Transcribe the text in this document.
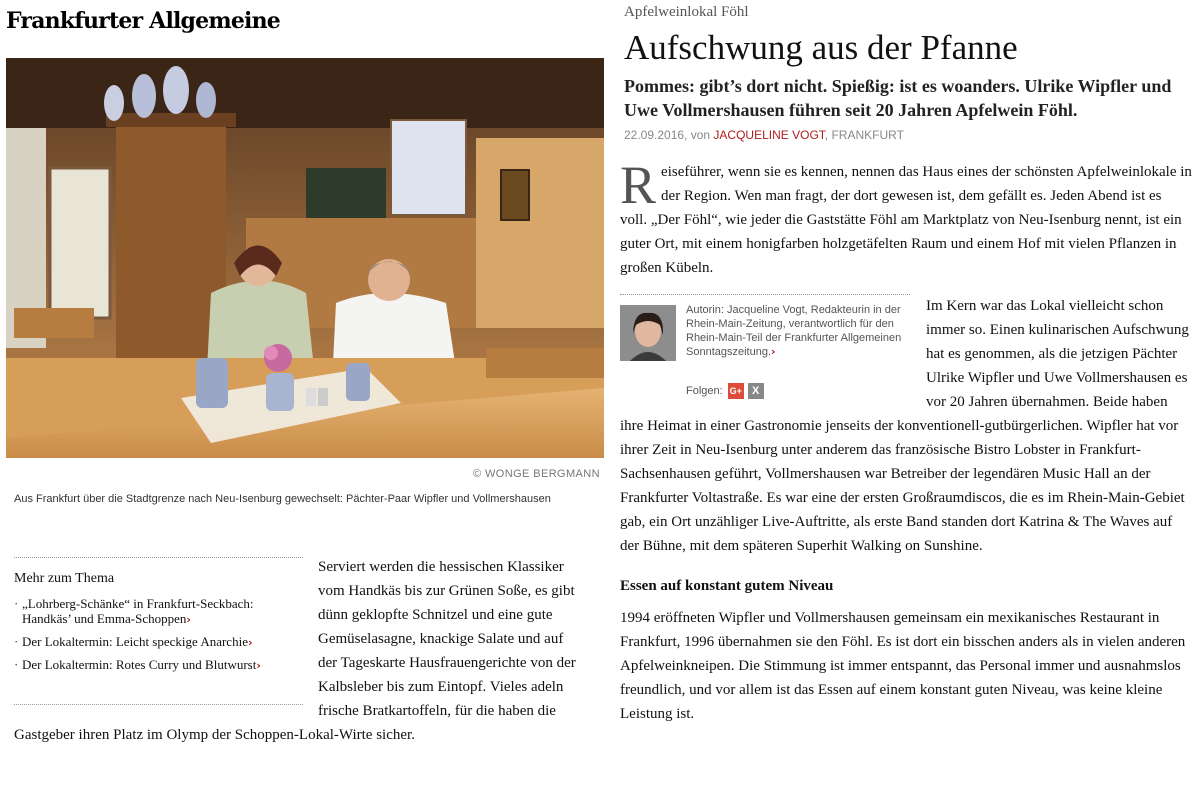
Frankfurter Allgemeine
© WONGE BERGMANN
Aus Frankfurt über die Stadtgrenze nach Neu-Isenburg gewechselt: Pächter-Paar Wipfler und Vollmershausen
Serviert werden die hessischen Klassiker vom Handkäs bis zur Grünen Soße, es gibt dünn geklopfte Schnitzel und eine gute Gemüselasagne, knackige Salate und auf der Tageskarte Hausfrauengerichte von der Kalbsleber bis zum Eintopf. Vieles adeln frische Bratkartoffeln, für die haben die Gastgeber ihren Platz im Olymp der Schoppen-Lokal-Wirte sicher.
Mehr zum Thema
· „Lohrberg-Schänke“ in Frankfurt-Seckbach: Handkäs’ und Emma-Schoppen›
· Der Lokaltermin: Leicht speckige Anarchie›
· Der Lokaltermin: Rotes Curry und Blutwurst›
Apfelweinlokal Föhl
Aufschwung aus der Pfanne
Pommes: gibt’s dort nicht. Spießig: ist es woanders. Ulrike Wipfler und Uwe Vollmershausen führen seit 20 Jahren Apfelwein Föhl.
22.09.2016, von JACQUELINE VOGT, FRANKFURT

Reiseführer, wenn sie es kennen, nennen das Haus eines der schönsten Apfelweinlokale in der Region. Wen man fragt, der dort gewesen ist, dem gefällt es. Jeden Abend ist es voll. „Der Föhl“, wie jeder die Gaststätte Föhl am Marktplatz von Neu-Isenburg nennt, ist ein guter Ort, mit einem honigfarben holzgetäfelten Raum und einem Hof mit vielen Pflanzen in großen Kübeln.

Autorin: Jacqueline Vogt, Redakteurin in der Rhein-Main-Zeitung, verantwortlich für den Rhein-Main-Teil der Frankfurter Allgemeinen Sonntagszeitung.›
Folgen: G+ X

Im Kern war das Lokal vielleicht schon immer so. Einen kulinarischen Aufschwung hat es genommen, als die jetzigen Pächter Ulrike Wipfler und Uwe Vollmershausen es vor 20 Jahren übernahmen. Beide haben ihre Heimat in einer Gastronomie jenseits der konventionell-gutbürgerlichen. Wipfler hat vor ihrer Zeit in Neu-Isenburg unter anderem das französische Bistro Lobster in Frankfurt-Sachsenhausen geführt, Vollmershausen war Betreiber der legendären Music Hall an der Frankfurter Voltastraße. Es war eine der ersten Großraumdiscos, die es im Rhein-Main-Gebiet gab, ein Ort unzähliger Live-Auftritte, als erste Band standen dort Katrina & The Waves auf der Bühne, mit dem späteren Superhit Walking on Sunshine.

Essen auf konstant gutem Niveau

1994 eröffneten Wipfler und Vollmershausen gemeinsam ein mexikanisches Restaurant in Frankfurt, 1996 übernahmen sie den Föhl. Es ist dort ein bisschen anders als in vielen anderen Apfelweinkneipen. Die Stimmung ist immer entspannt, das Personal immer und ausnahmslos freundlich, und vor allem ist das Essen auf einem konstant guten Niveau, was keine kleine Leistung ist.
